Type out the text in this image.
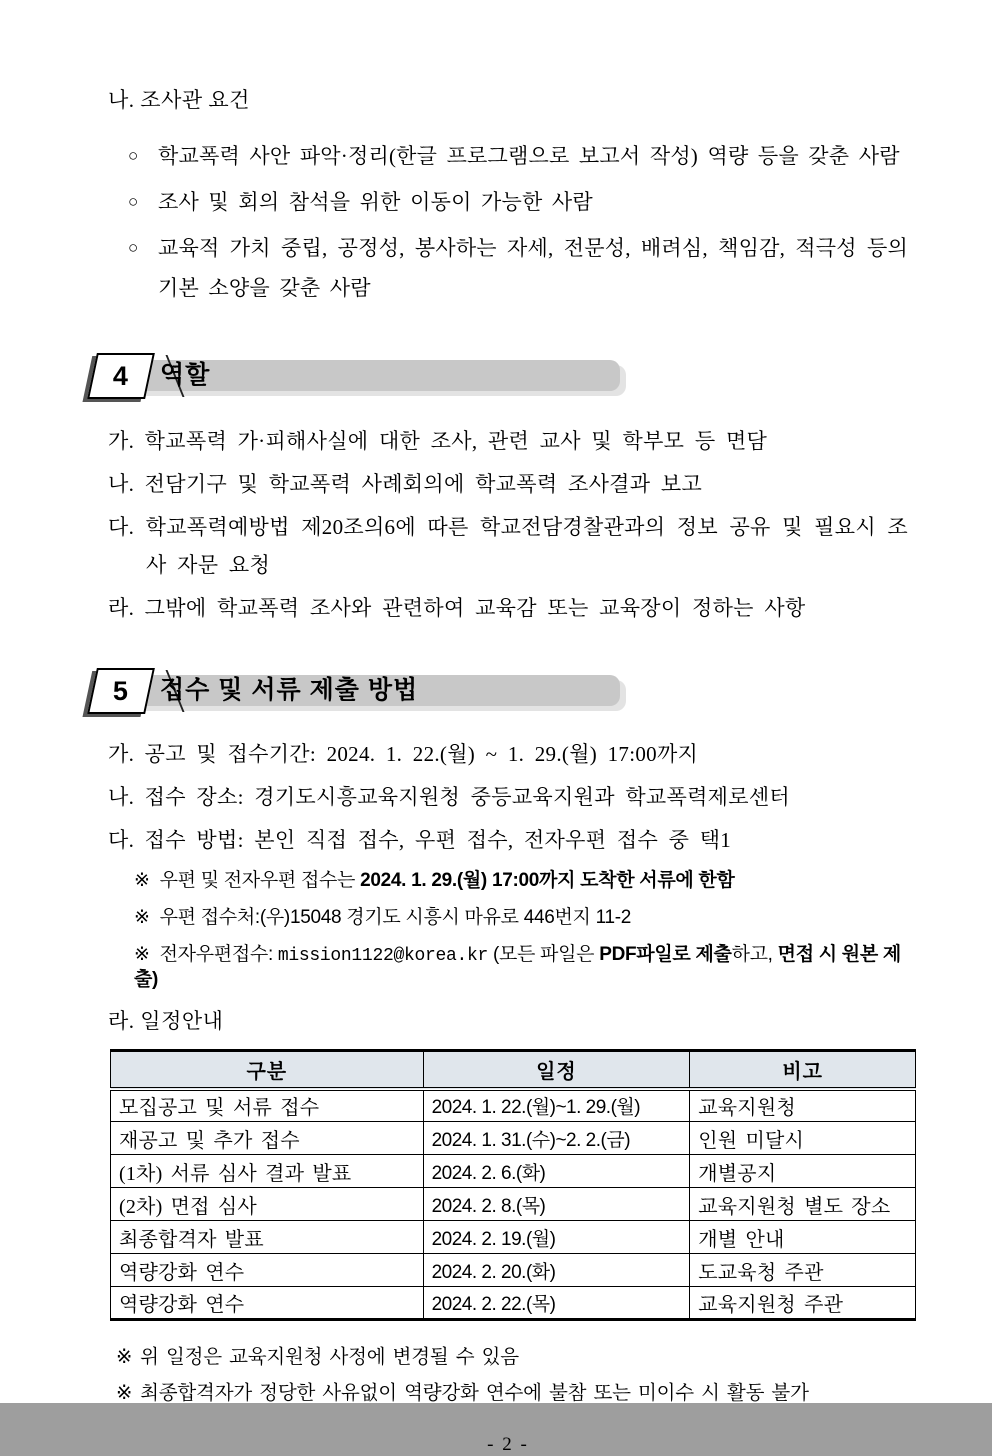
나. 조사관 요건
○ 학교폭력 사안 파악·정리(한글 프로그램으로 보고서 작성) 역량 등을 갖춘 사람
○ 조사 및 회의 참석을 위한 이동이 가능한 사람
○ 교육적 가치 중립, 공정성, 봉사하는 자세, 전문성, 배려심, 책임감, 적극성 등의 기본 소양을 갖춘 사람
4 역할
가. 학교폭력 가·피해사실에 대한 조사, 관련 교사 및 학부모 등 면담
나. 전담기구 및 학교폭력 사례회의에 학교폭력 조사결과 보고
다. 학교폭력예방법 제20조의6에 따른 학교전담경찰관과의 정보 공유 및 필요시 조사 자문 요청
라. 그밖에 학교폭력 조사와 관련하여 교육감 또는 교육장이 정하는 사항
5 접수 및 서류 제출 방법
가. 공고 및 접수기간: 2024. 1. 22.(월) ~ 1. 29.(월) 17:00까지
나. 접수 장소: 경기도시흥교육지원청 중등교육지원과 학교폭력제로센터
다. 접수 방법: 본인 직접 접수, 우편 접수, 전자우편 접수 중 택1
※ 우편 및 전자우편 접수는 2024. 1. 29.(월) 17:00까지 도착한 서류에 한함
※ 우편 접수처:(우)15048 경기도 시흥시 마유로 446번지 11-2
※ 전자우편접수: mission1122@korea.kr (모든 파일은 PDF파일로 제출하고, 면접 시 원본 제출)
라. 일정안내
구분	일정	비고
모집공고 및 서류 접수	2024. 1. 22.(월)~1. 29.(월)	교육지원청
재공고 및 추가 접수	2024. 1. 31.(수)~2. 2.(금)	인원 미달시
(1차) 서류 심사 결과 발표	2024. 2. 6.(화)	개별공지
(2차) 면접 심사	2024. 2. 8.(목)	교육지원청 별도 장소
최종합격자 발표	2024. 2. 19.(월)	개별 안내
역량강화 연수	2024. 2. 20.(화)	도교육청 주관
역량강화 연수	2024. 2. 22.(목)	교육지원청 주관
※ 위 일정은 교육지원청 사정에 변경될 수 있음
※ 최종합격자가 정당한 사유없이 역량강화 연수에 불참 또는 미이수 시 활동 불가
- 2 -
